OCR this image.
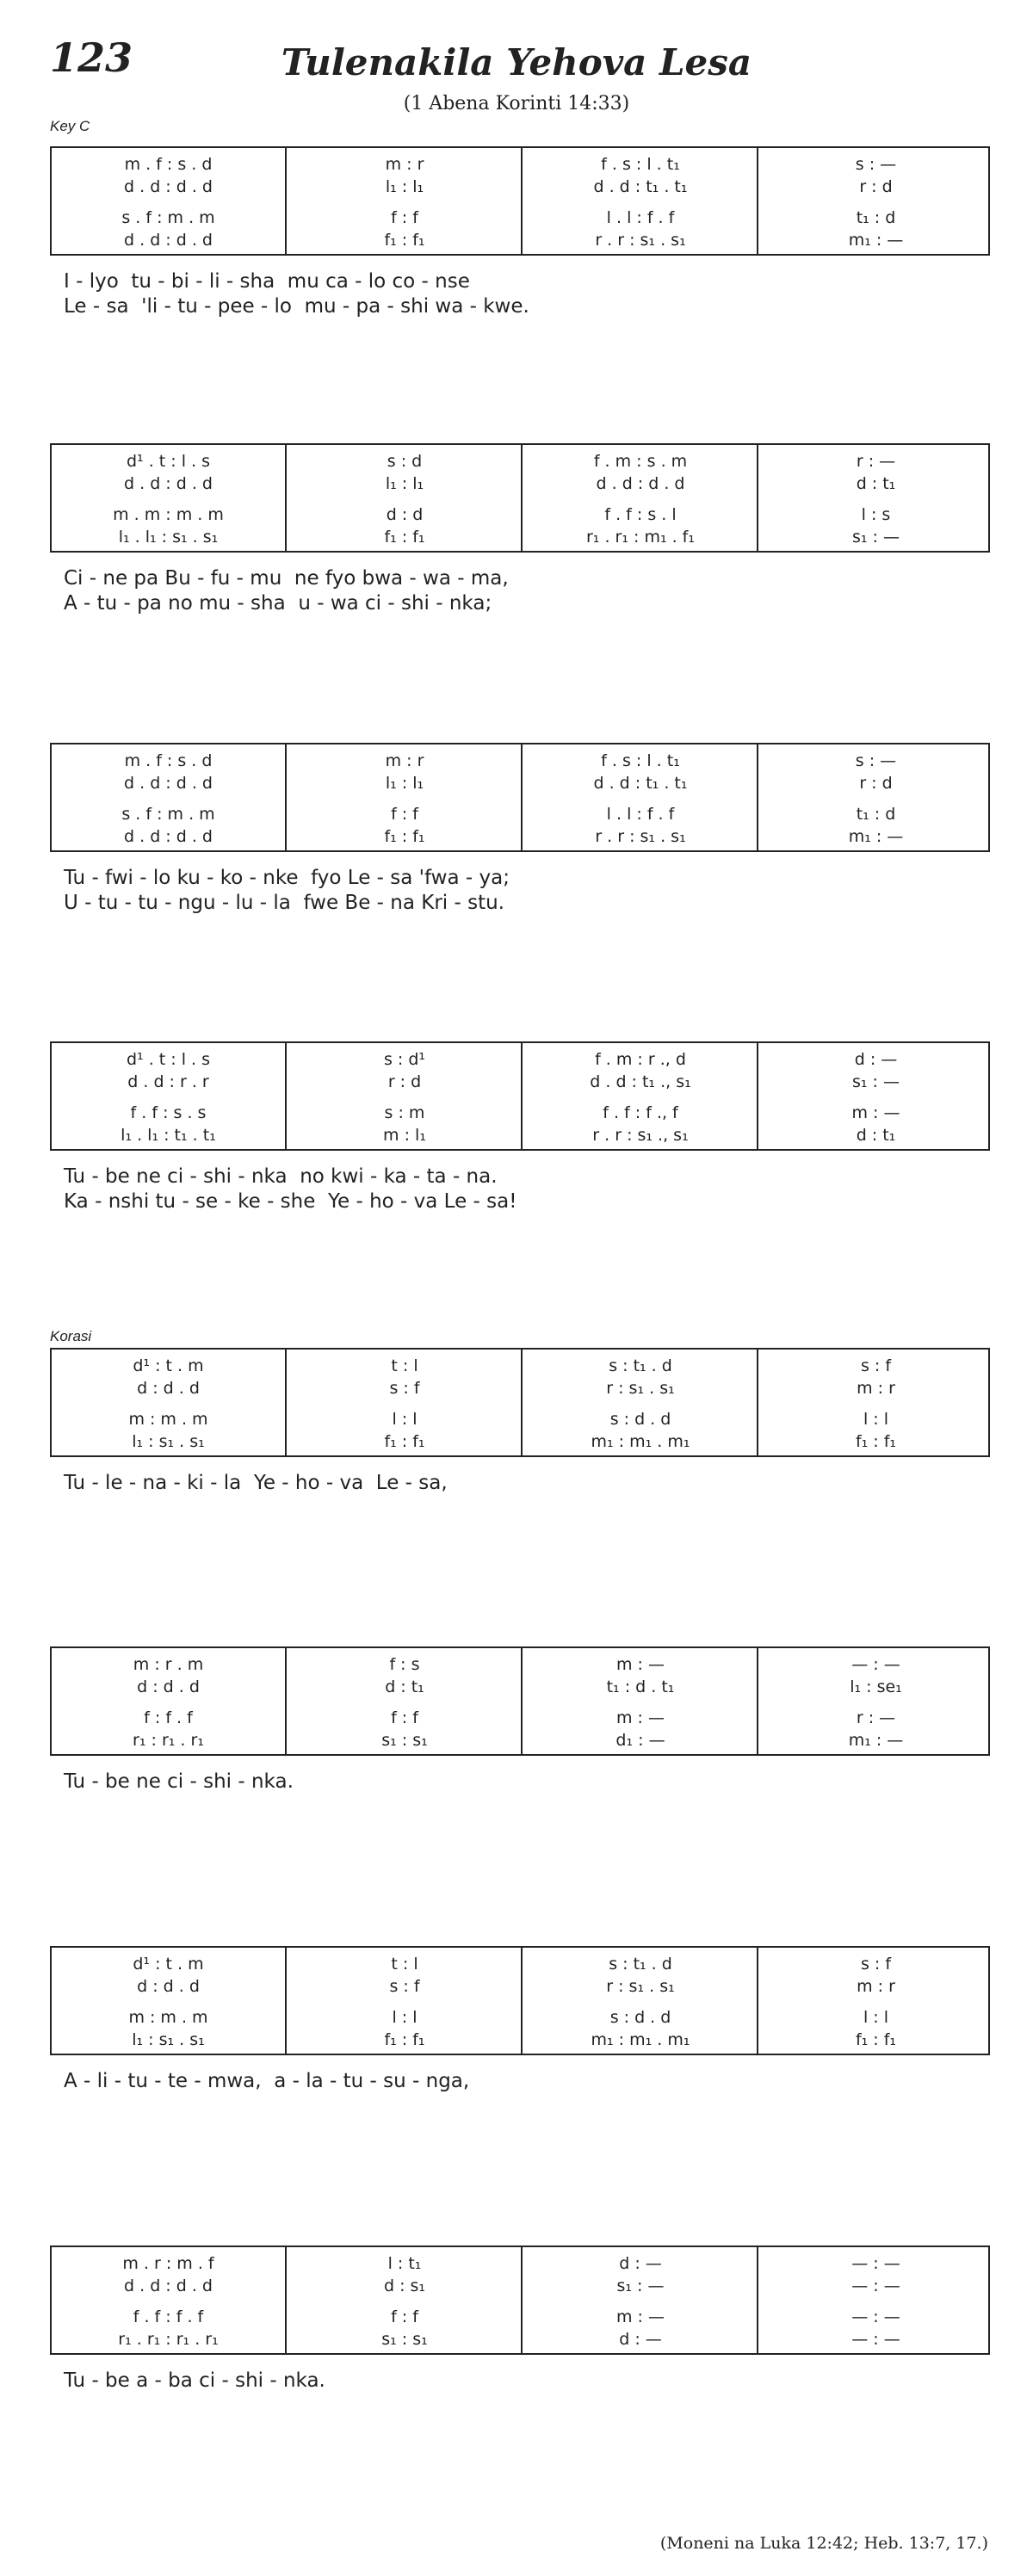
123	Tulenakila Yehova Lesa
(1 Abena Korinti 14:33)
Key C
Korasi
m . f : s . d
d . d : d . d
s . f : m . m
d . d : d . d
m : r
l₁ : l₁
f : f
f₁ : f₁
f . s : l . t₁
d . d : t₁ . t₁
l . l : f . f
r . r : s₁ . s₁
s : —
r : d
t₁ : d
m₁ : —
I - lyo  tu - bi - li - sha  mu ca - lo co - nse
Le - sa  'li - tu - pee - lo  mu - pa - shi wa - kwe.
d¹ . t : l . s
d . d : d . d
m . m : m . m
l₁ . l₁ : s₁ . s₁
s : d
l₁ : l₁
d : d
f₁ : f₁
f . m : s . m
d . d : d . d
f . f : s . l
r₁ . r₁ : m₁ . f₁
r : —
d : t₁
l : s
s₁ : —
Ci - ne pa Bu - fu - mu  ne fyo bwa - wa - ma,
A - tu - pa no mu - sha  u - wa ci - shi - nka;
m . f : s . d
d . d : d . d
s . f : m . m
d . d : d . d
m : r
l₁ : l₁
f : f
f₁ : f₁
f . s : l . t₁
d . d : t₁ . t₁
l . l : f . f
r . r : s₁ . s₁
s : —
r : d
t₁ : d
m₁ : —
Tu - fwi - lo ku - ko - nke  fyo Le - sa 'fwa - ya;
U - tu - tu - ngu - lu - la  fwe Be - na Kri - stu.
d¹ . t : l . s
d . d : r . r
f . f : s . s
l₁ . l₁ : t₁ . t₁
s : d¹
r : d
s : m
m : l₁
f . m : r ., d
d . d : t₁ ., s₁
f . f : f ., f
r . r : s₁ ., s₁
d : —
s₁ : —
m : —
d : t₁
Tu - be ne ci - shi - nka  no kwi - ka - ta - na.
Ka - nshi tu - se - ke - she  Ye - ho - va Le - sa!
d¹ : t . m
d : d . d
m : m . m
l₁ : s₁ . s₁
t : l
s : f
l : l
f₁ : f₁
s : t₁ . d
r : s₁ . s₁
s : d . d
m₁ : m₁ . m₁
s : f
m : r
l : l
f₁ : f₁
Tu - le - na - ki - la  Ye - ho - va  Le - sa,
m : r . m
d : d . d
f : f . f
r₁ : r₁ . r₁
f : s
d : t₁
f : f
s₁ : s₁
m : —
t₁ : d . t₁
m : —
d₁ : —
— : —
l₁ : se₁
r : —
m₁ : —
Tu - be ne ci - shi - nka.
d¹ : t . m
d : d . d
m : m . m
l₁ : s₁ . s₁
t : l
s : f
l : l
f₁ : f₁
s : t₁ . d
r : s₁ . s₁
s : d . d
m₁ : m₁ . m₁
s : f
m : r
l : l
f₁ : f₁
A - li - tu - te - mwa,  a - la - tu - su - nga,
m . r : m . f
d . d : d . d
f . f : f . f
r₁ . r₁ : r₁ . r₁
l : t₁
d : s₁
f : f
s₁ : s₁
d : —
s₁ : —
m : —
d : —
— : —
— : —
— : —
— : —
Tu - be a - ba ci - shi - nka.
(Moneni na Luka 12:42; Heb. 13:7, 17.)
